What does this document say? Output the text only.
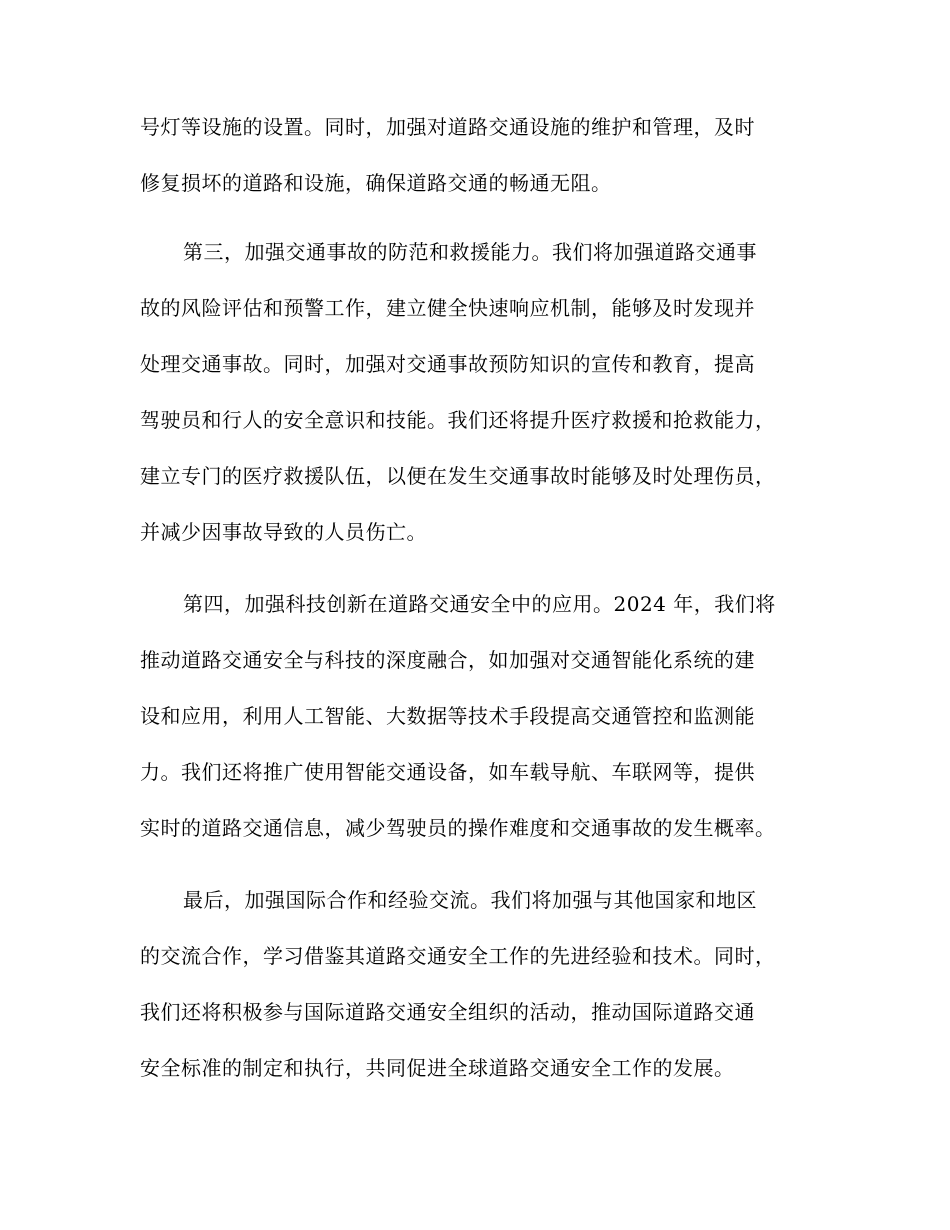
号灯等设施的设置。同时，加强对道路交通设施的维护和管理，及时
修复损坏的道路和设施，确保道路交通的畅通无阻。
第三，加强交通事故的防范和救援能力。我们将加强道路交通事
故的风险评估和预警工作，建立健全快速响应机制，能够及时发现并
处理交通事故。同时，加强对交通事故预防知识的宣传和教育，提高
驾驶员和行人的安全意识和技能。我们还将提升医疗救援和抢救能力，
建立专门的医疗救援队伍，以便在发生交通事故时能够及时处理伤员，
并减少因事故导致的人员伤亡。
第四，加强科技创新在道路交通安全中的应用。2024 年，我们将
推动道路交通安全与科技的深度融合，如加强对交通智能化系统的建
设和应用，利用人工智能、大数据等技术手段提高交通管控和监测能
力。我们还将推广使用智能交通设备，如车载导航、车联网等，提供
实时的道路交通信息，减少驾驶员的操作难度和交通事故的发生概率。
最后，加强国际合作和经验交流。我们将加强与其他国家和地区
的交流合作，学习借鉴其道路交通安全工作的先进经验和技术。同时，
我们还将积极参与国际道路交通安全组织的活动，推动国际道路交通
安全标准的制定和执行，共同促进全球道路交通安全工作的发展。
